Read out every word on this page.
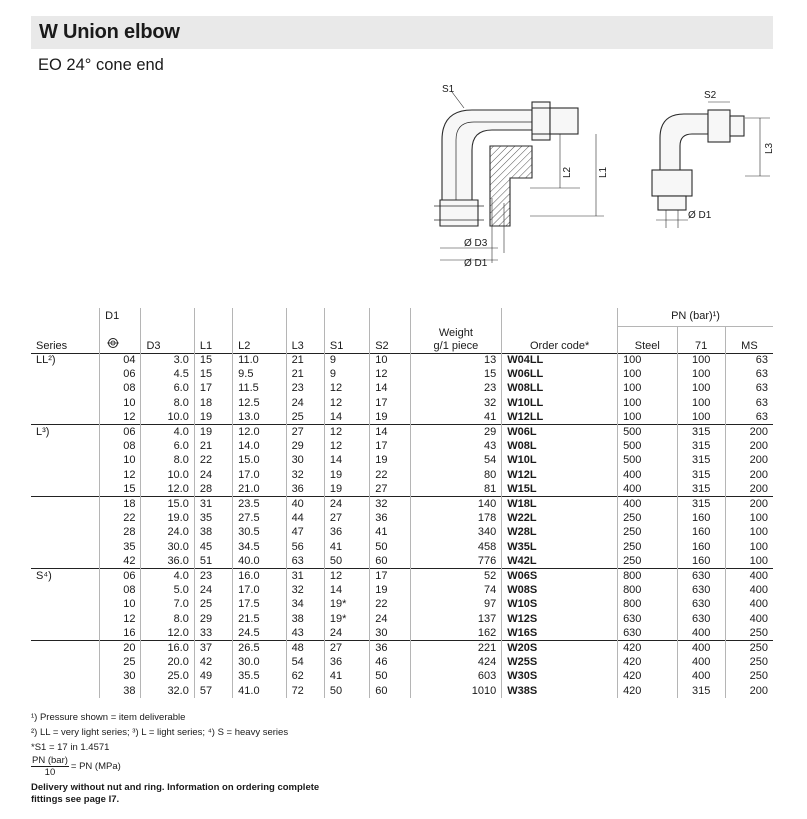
W Union elbow
EO 24° cone end
S1
L2	L1
Ø D3
Ø D1
S2
L3
Ø D1
	D1									PN (bar)¹)		
Series		D3	L1	L2	L3	S1	S2	Weight
g/1 piece	Order code*	Steel	71	MS
LL²)	04	3.0	15	11.0	21	9	10	13	W04LL	100	100	63
	06	4.5	15	9.5	21	9	12	15	W06LL	100	100	63
	08	6.0	17	11.5	23	12	14	23	W08LL	100	100	63
	10	8.0	18	12.5	24	12	17	32	W10LL	100	100	63
	12	10.0	19	13.0	25	14	19	41	W12LL	100	100	63
L³)	06	4.0	19	12.0	27	12	14	29	W06L	500	315	200
	08	6.0	21	14.0	29	12	17	43	W08L	500	315	200
	10	8.0	22	15.0	30	14	19	54	W10L	500	315	200
	12	10.0	24	17.0	32	19	22	80	W12L	400	315	200
	15	12.0	28	21.0	36	19	27	81	W15L	400	315	200
	18	15.0	31	23.5	40	24	32	140	W18L	400	315	200
	22	19.0	35	27.5	44	27	36	178	W22L	250	160	100
	28	24.0	38	30.5	47	36	41	340	W28L	250	160	100
	35	30.0	45	34.5	56	41	50	458	W35L	250	160	100
	42	36.0	51	40.0	63	50	60	776	W42L	250	160	100
S⁴)	06	4.0	23	16.0	31	12	17	52	W06S	800	630	400
	08	5.0	24	17.0	32	14	19	74	W08S	800	630	400
	10	7.0	25	17.5	34	19*	22	97	W10S	800	630	400
	12	8.0	29	21.5	38	19*	24	137	W12S	630	630	400
	16	12.0	33	24.5	43	24	30	162	W16S	630	400	250
	20	16.0	37	26.5	48	27	36	221	W20S	420	400	250
	25	20.0	42	30.0	54	36	46	424	W25S	420	400	250
	30	25.0	49	35.5	62	41	50	603	W30S	420	400	250
	38	32.0	57	41.0	72	50	60	1010	W38S	420	315	200
¹) Pressure shown = item deliverable
²) LL = very light series; ³) L = light series; ⁴) S = heavy series
*S1 = 17 in 1.4571
$\frac{\text{PN (bar)}}{10}$ = PN (MPa)
Delivery without nut and ring. Information on ordering complete
fittings see page I7.
